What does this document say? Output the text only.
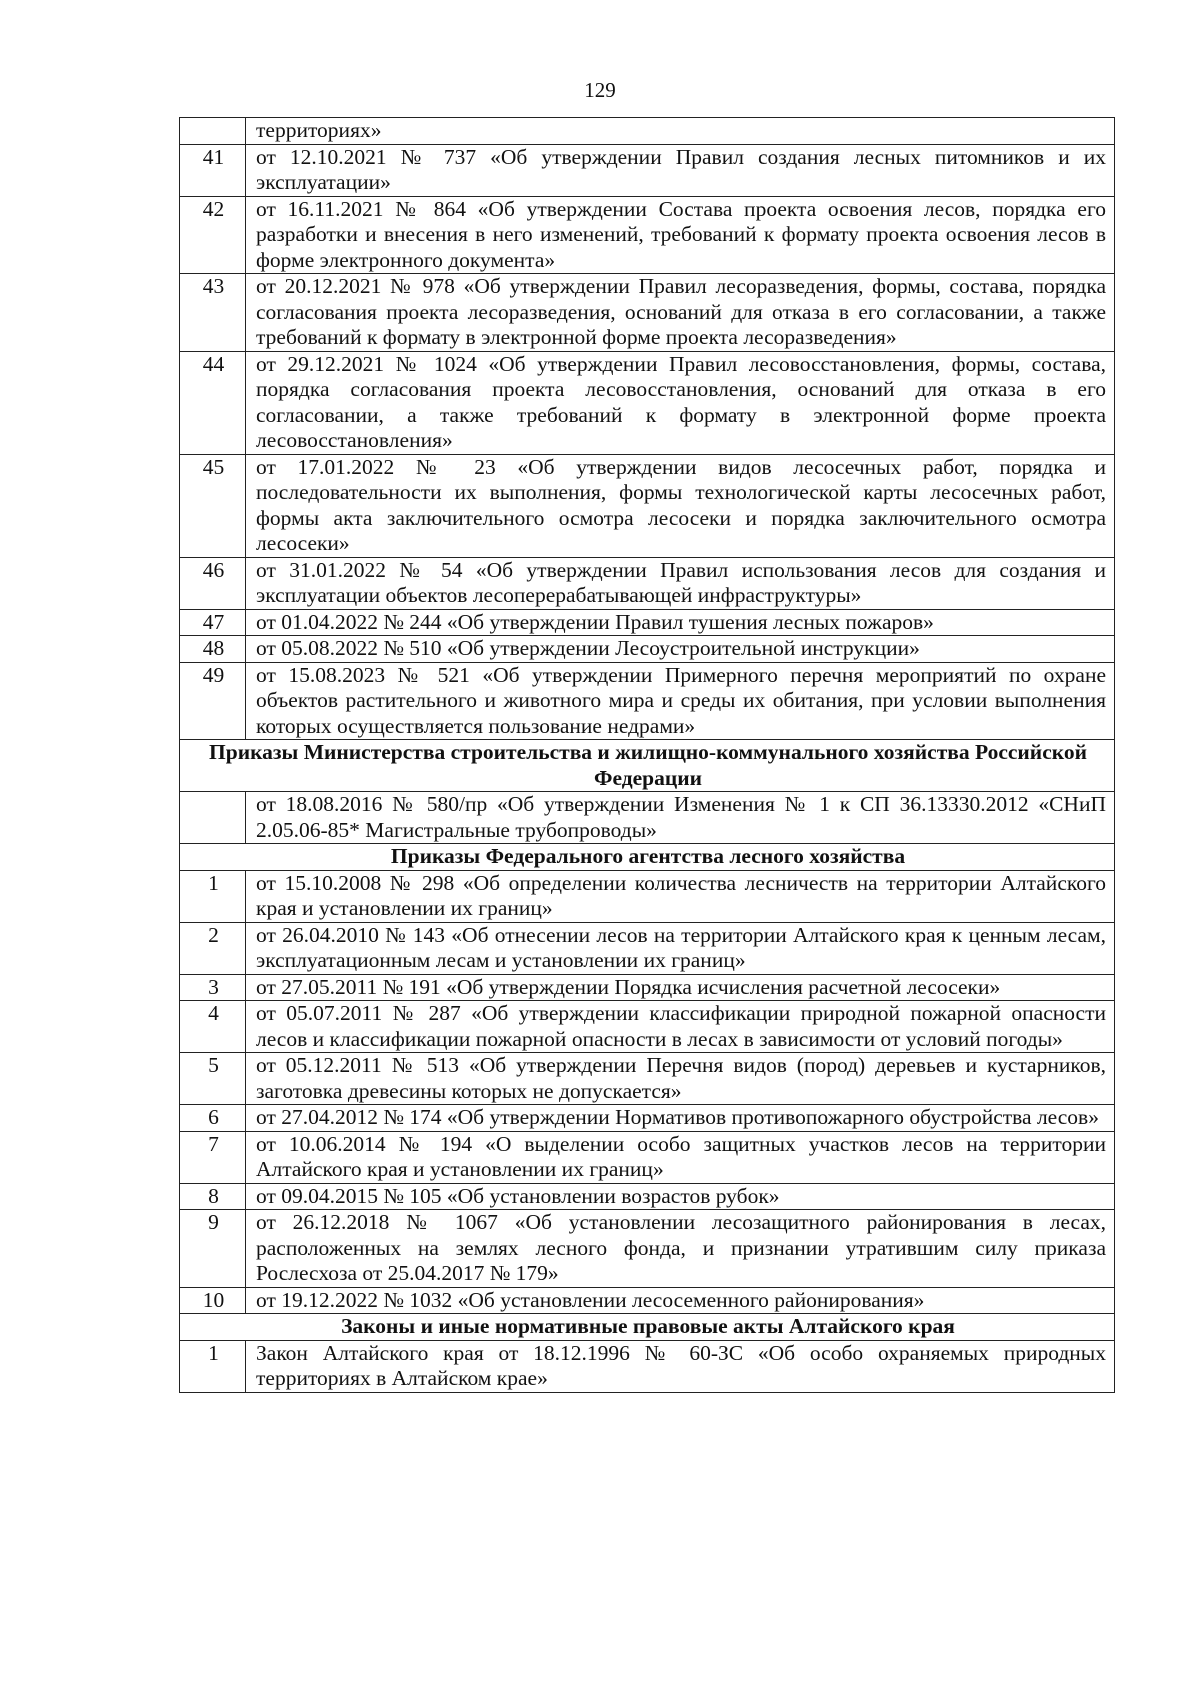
129
	территориях»
41	от 12.10.2021 № 737 «Об утверждении Правил создания лесных питомников и их эксплуатации»
42	от 16.11.2021 № 864 «Об утверждении Состава проекта освоения лесов, порядка его разработки и внесения в него изменений, требований к формату проекта освоения лесов в форме электронного документа»
43	от 20.12.2021 № 978 «Об утверждении Правил лесоразведения, формы, состава, порядка согласования проекта лесоразведения, оснований для отказа в его согласовании, а также требований к формату в электронной форме проекта лесоразведения»
44	от 29.12.2021 № 1024 «Об утверждении Правил лесовосстановления, формы, состава, порядка согласования проекта лесовосстановления, оснований для отказа в его согласовании, а также требований к формату в электронной форме проекта лесовосстановления»
45	от 17.01.2022 № 23 «Об утверждении видов лесосечных работ, порядка и последовательности их выполнения, формы технологической карты лесосечных работ, формы акта заключительного осмотра лесосеки и порядка заключительного осмотра лесосеки»
46	от 31.01.2022 № 54 «Об утверждении Правил использования лесов для создания и эксплуатации объектов лесоперерабатывающей инфраструктуры»
47	от 01.04.2022 № 244 «Об утверждении Правил тушения лесных пожаров»
48	от 05.08.2022 № 510 «Об утверждении Лесоустроительной инструкции»
49	от 15.08.2023 № 521 «Об утверждении Примерного перечня мероприятий по охране объектов растительного и животного мира и среды их обитания, при условии выполнения которых осуществляется пользование недрами»
Приказы Министерства строительства и жилищно-коммунального хозяйства Российской Федерации	
	от 18.08.2016 № 580/пр «Об утверждении Изменения № 1 к СП 36.13330.2012 «СНиП 2.05.06-85* Магистральные трубопроводы»
Приказы Федерального агентства лесного хозяйства	
1	от 15.10.2008 № 298 «Об определении количества лесничеств на территории Алтайского края и установлении их границ»
2	от 26.04.2010 № 143 «Об отнесении лесов на территории Алтайского края к ценным лесам, эксплуатационным лесам и установлении их границ»
3	от 27.05.2011 № 191 «Об утверждении Порядка исчисления расчетной лесосеки»
4	от 05.07.2011 № 287 «Об утверждении классификации природной пожарной опасности лесов и классификации пожарной опасности в лесах в зависимости от условий погоды»
5	от 05.12.2011 № 513 «Об утверждении Перечня видов (пород) деревьев и кустарников, заготовка древесины которых не допускается»
6	от 27.04.2012 № 174 «Об утверждении Нормативов противопожарного обустройства лесов»
7	от 10.06.2014 № 194 «О выделении особо защитных участков лесов на территории Алтайского края и установлении их границ»
8	от 09.04.2015 № 105 «Об установлении возрастов рубок»
9	от 26.12.2018 № 1067 «Об установлении лесозащитного районирования в лесах, расположенных на землях лесного фонда, и признании утратившим силу приказа Рослесхоза от 25.04.2017 № 179»
10	от 19.12.2022 № 1032 «Об установлении лесосеменного районирования»
Законы и иные нормативные правовые акты Алтайского края	
1	Закон Алтайского края от 18.12.1996 № 60-ЗС «Об особо охраняемых природных территориях в Алтайском крае»
